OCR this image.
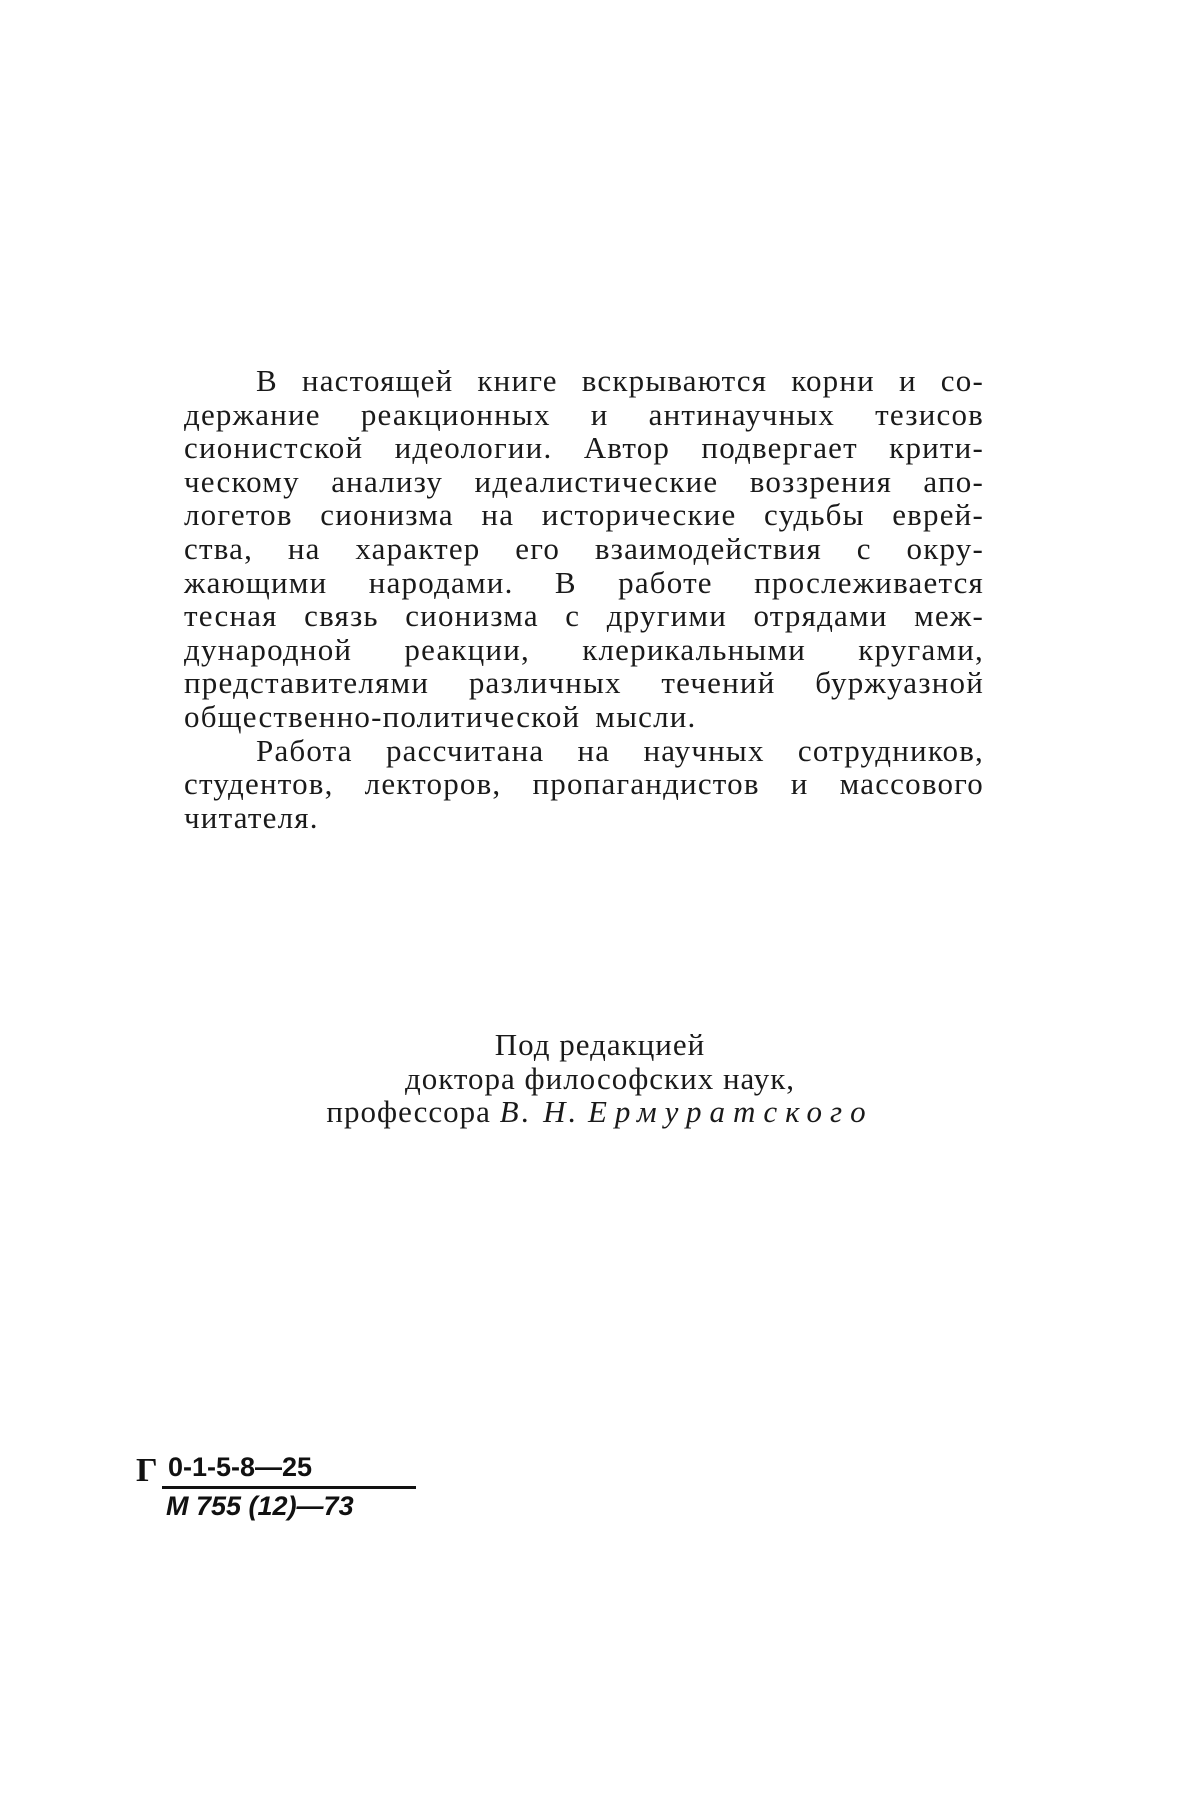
В настоящей книге вскрываются корни и со-
держание реакционных и антинаучных тезисов
сионистской идеологии. Автор подвергает крити-
ческому анализу идеалистические воззрения апо-
логетов сионизма на исторические судьбы еврей-
ства, на характер его взаимодействия с окру-
жающими народами. В работе прослеживается
тесная связь сионизма с другими отрядами меж-
дународной реакции, клерикальными кругами,
представителями различных течений буржуазной
общественно-политической мысли.
Работа рассчитана на научных сотрудников,
студентов, лекторов, пропагандистов и массового
читателя.
Под редакцией
доктора философских наук,
профессора В. Н. Ермуратского
Г 0-1-5-8—25
М 755 (12)—73
